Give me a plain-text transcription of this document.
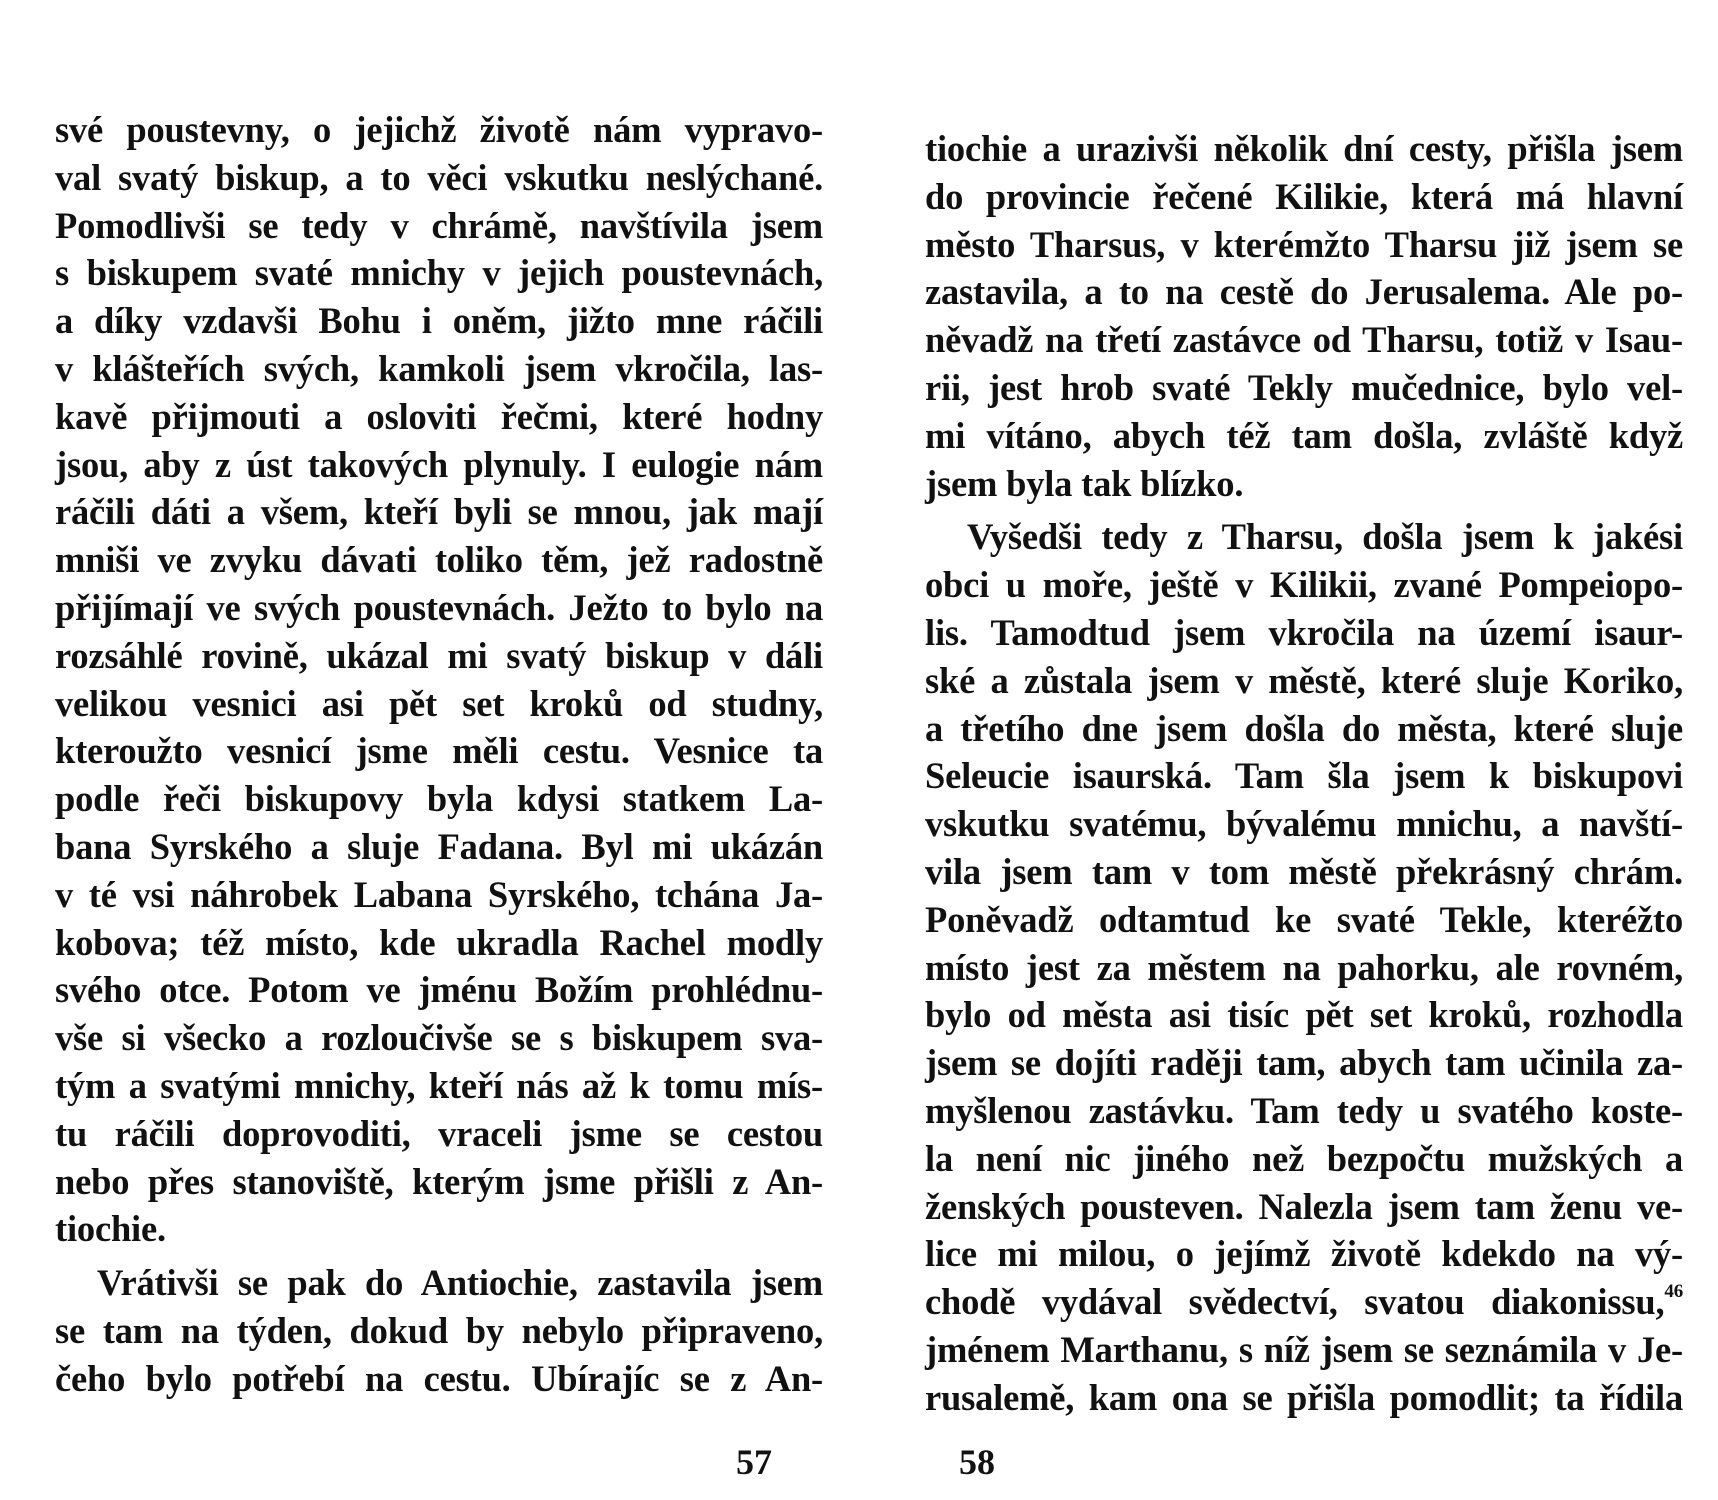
své poustevny, o jejichž životě nám vypravo-
val svatý biskup, a to věci vskutku neslýchané.
Pomodlivši se tedy v chrámě, navštívila jsem
s biskupem svaté mnichy v jejich poustevnách,
a díky vzdavši Bohu i oněm, jižto mne ráčili
v klášteřích svých, kamkoli jsem vkročila, las-
kavě přijmouti a osloviti řečmi, které hodny
jsou, aby z úst takových plynuly. I eulogie nám
ráčili dáti a všem, kteří byli se mnou, jak mají
mniši ve zvyku dávati toliko těm, jež radostně
přijímají ve svých poustevnách. Ježto to bylo na
rozsáhlé rovině, ukázal mi svatý biskup v dáli
velikou vesnici asi pět set kroků od studny,
kteroužto vesnicí jsme měli cestu. Vesnice ta
podle řeči biskupovy byla kdysi statkem La-
bana Syrského a sluje Fadana. Byl mi ukázán
v té vsi náhrobek Labana Syrského, tchána Ja-
kobova; též místo, kde ukradla Rachel modly
svého otce. Potom ve jménu Božím prohlédnu-
vše si všecko a rozloučivše se s biskupem sva-
tým a svatými mnichy, kteří nás až k tomu mís-
tu ráčili doprovoditi, vraceli jsme se cestou
nebo přes stanoviště, kterým jsme přišli z An-
tiochie.
Vrátivši se pak do Antiochie, zastavila jsem
se tam na týden, dokud by nebylo připraveno,
čeho bylo potřebí na cestu. Ubírajíc se z An-
57
tiochie a urazivši několik dní cesty, přišla jsem
do provincie řečené Kilikie, která má hlavní
město Tharsus, v kterémžto Tharsu již jsem se
zastavila, a to na cestě do Jerusalema. Ale po-
něvadž na třetí zastávce od Tharsu, totiž v Isau-
rii, jest hrob svaté Tekly mučednice, bylo vel-
mi vítáno, abych též tam došla, zvláště když
jsem byla tak blízko.
Vyšedši tedy z Tharsu, došla jsem k jakési
obci u moře, ještě v Kilikii, zvané Pompeiopo-
lis. Tamodtud jsem vkročila na území isaur-
ské a zůstala jsem v městě, které sluje Koriko,
a třetího dne jsem došla do města, které sluje
Seleucie isaurská. Tam šla jsem k biskupovi
vskutku svatému, bývalému mnichu, a navští-
vila jsem tam v tom městě překrásný chrám.
Poněvadž odtamtud ke svaté Tekle, kteréžto
místo jest za městem na pahorku, ale rovném,
bylo od města asi tisíc pět set kroků, rozhodla
jsem se dojíti raději tam, abych tam učinila za-
myšlenou zastávku. Tam tedy u svatého koste-
la není nic jiného než bezpočtu mužských a
ženských pousteven. Nalezla jsem tam ženu ve-
lice mi milou, o jejímž životě kdekdo na vý-
chodě vydával svědectví, svatou diakonissu,$^{46}$
jménem Marthanu, s níž jsem se seznámila v Je-
rusalemě, kam ona se přišla pomodlit; ta řídila
58
